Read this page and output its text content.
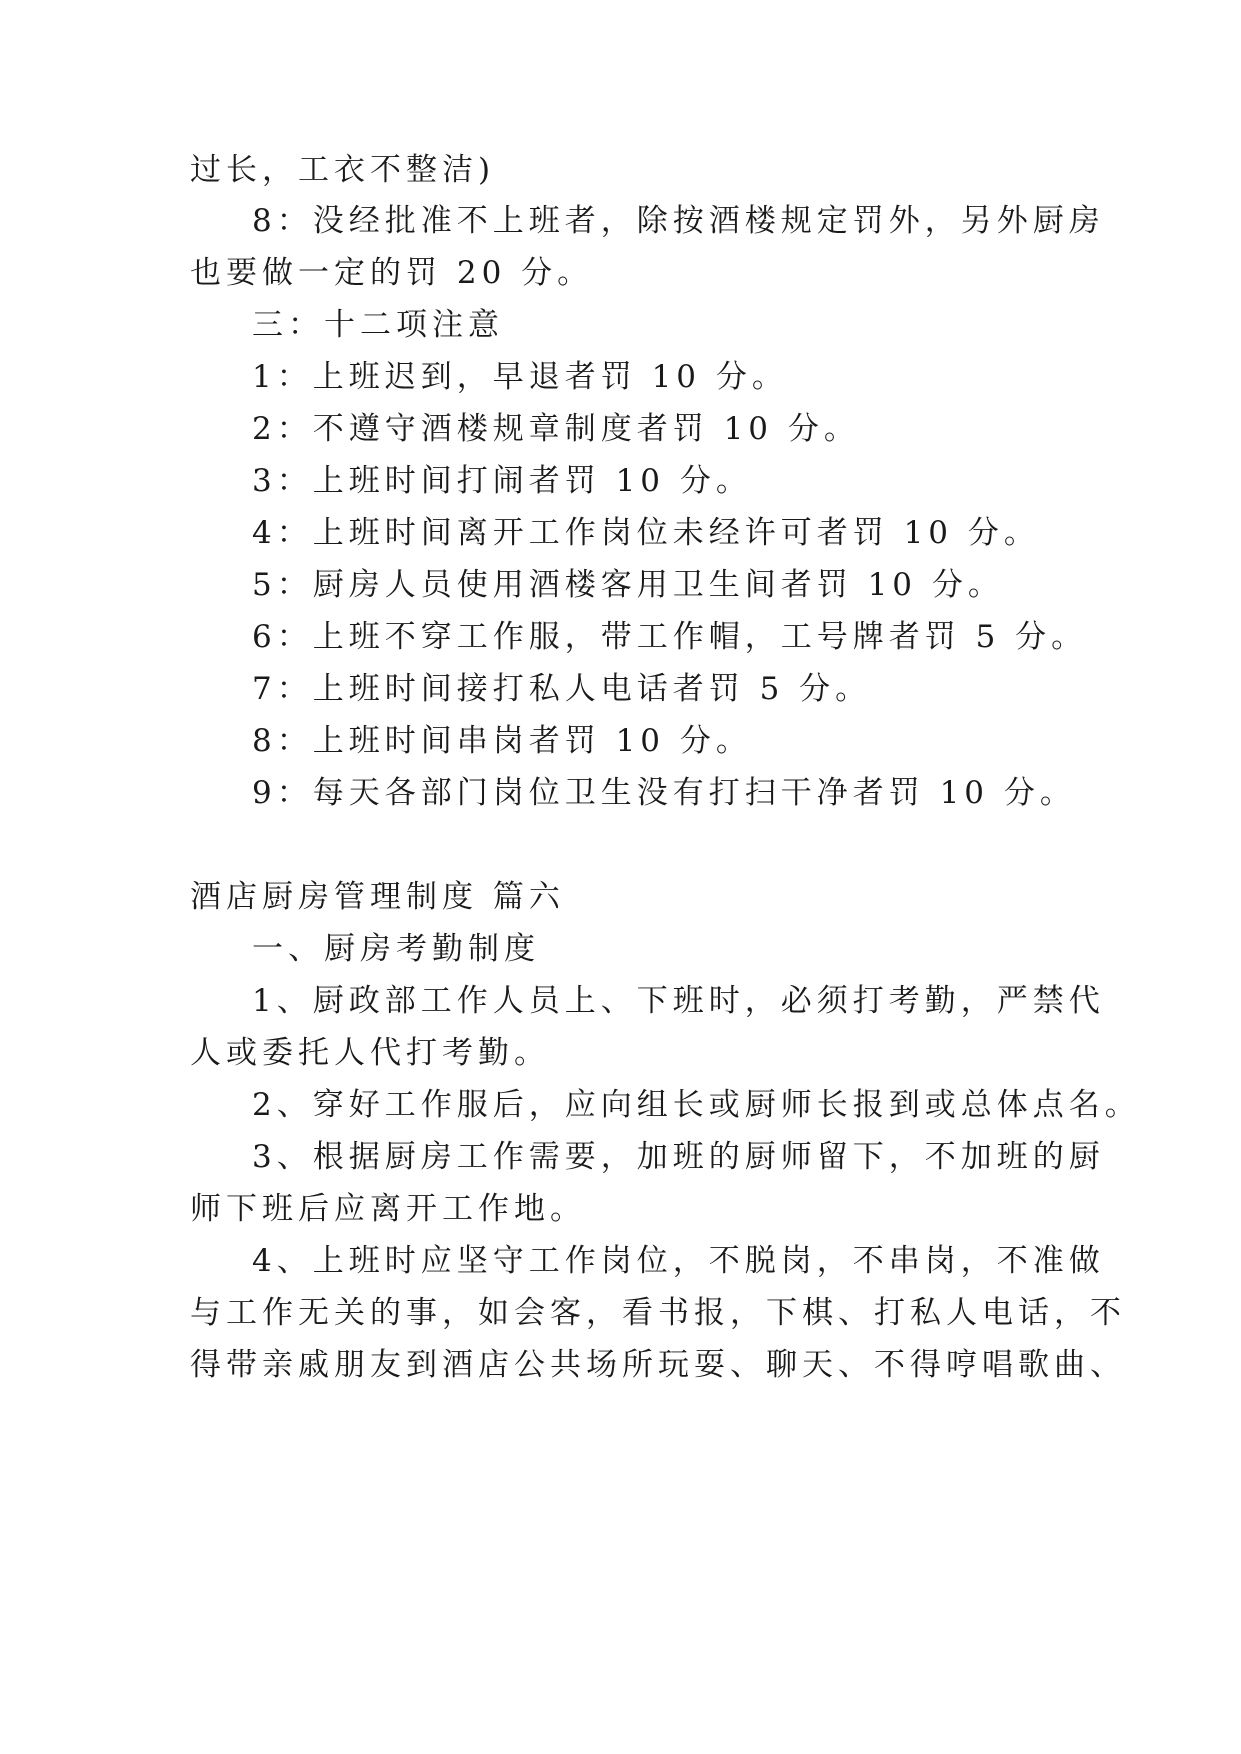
过长，工衣不整洁)
8：没经批准不上班者，除按酒楼规定罚外，另外厨房
也要做一定的罚 20 分。
三：十二项注意
1：上班迟到，早退者罚 10 分。
2：不遵守酒楼规章制度者罚 10 分。
3：上班时间打闹者罚 10 分。
4：上班时间离开工作岗位未经许可者罚 10 分。
5：厨房人员使用酒楼客用卫生间者罚 10 分。
6：上班不穿工作服，带工作帽，工号牌者罚 5 分。
7：上班时间接打私人电话者罚 5 分。
8：上班时间串岗者罚 10 分。
9：每天各部门岗位卫生没有打扫干净者罚 10 分。
酒店厨房管理制度 篇六
一、厨房考勤制度
1、厨政部工作人员上、下班时，必须打考勤，严禁代
人或委托人代打考勤。
2、穿好工作服后，应向组长或厨师长报到或总体点名。
3、根据厨房工作需要，加班的厨师留下，不加班的厨
师下班后应离开工作地。
4、上班时应坚守工作岗位，不脱岗，不串岗，不准做
与工作无关的事，如会客，看书报，下棋、打私人电话，不
得带亲戚朋友到酒店公共场所玩耍、聊天、不得哼唱歌曲、
